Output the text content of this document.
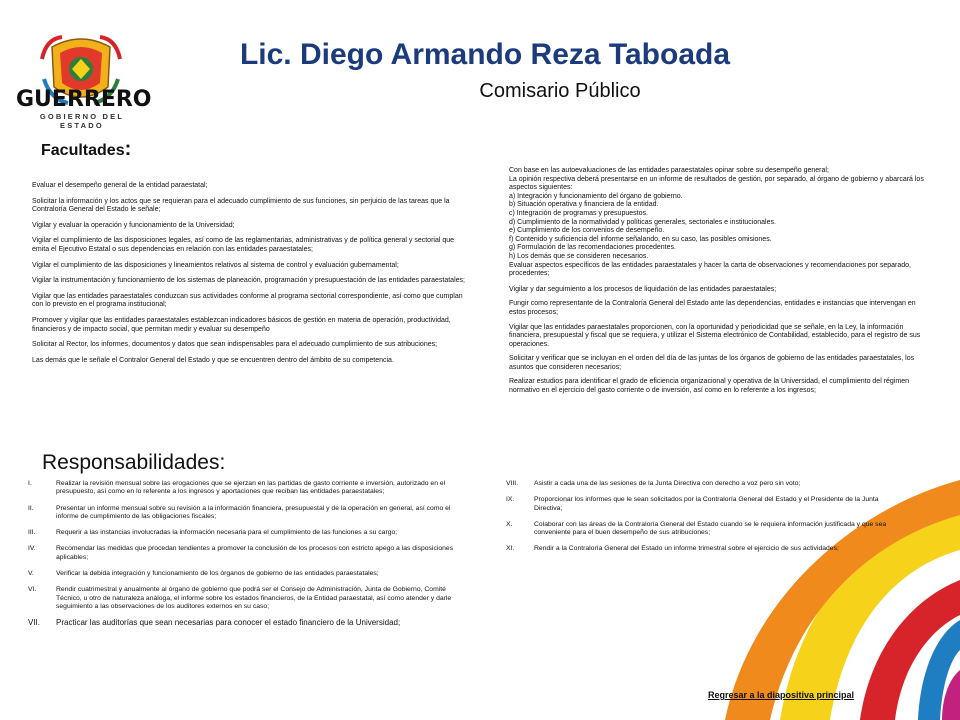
GUERRERO
GOBIERNO DEL ESTADO
Lic. Diego Armando Reza Taboada
Comisario Público
Facultades:

Evaluar el desempeño general de la entidad paraestatal;

Solicitar la información y los actos que se requieran para el adecuado cumplimiento de sus funciones, sin perjuicio de las tareas que la Contraloría General del Estado le señale;

Vigilar y evaluar la operación y funcionamiento de la Universidad;

Vigilar el cumplimiento de las disposiciones legales, así como de las reglamentarias, administrativas y de política general y sectorial que emita el Ejecutivo Estatal o sus dependencias en relación con las entidades paraestatales;

Vigilar el cumplimiento de las disposiciones y lineamientos relativos al sistema de control y evaluación gubernamental;

Vigilar la instrumentación y funcionamiento de los sistemas de planeación, programación y presupuestación de las entidades paraestatales;

Vigilar que las entidades paraestatales conduzcan sus actividades conforme al programa sectorial correspondiente, así como que cumplan con lo previsto en el programa institucional;

Promover y vigilar que las entidades paraestatales establezcan indicadores básicos de gestión en materia de operación, productividad, financieros y de impacto social, que permitan medir y evaluar su desempeño

Solicitar al Rector, los informes, documentos y datos que sean indispensables para el adecuado cumplimiento de sus atribuciones;

Las demás que le señale el Contralor General del Estado y que se encuentren dentro del ámbito de su competencia.

Con base en las autoevaluaciones de las entidades paraestatales opinar sobre su desempeño general;
La opinión respectiva deberá presentarse en un informe de resultados de gestión, por separado, al órgano de gobierno y abarcará los aspectos siguientes:
a) Integración y funcionamiento del órgano de gobierno.
b) Situación operativa y financiera de la entidad.
c) Integración de programas y presupuestos.
d) Cumplimiento de la normatividad y políticas generales, sectoriales e institucionales.
e) Cumplimiento de los convenios de desempeño.
f) Contenido y suficiencia del informe señalando, en su caso, las posibles omisiones.
g) Formulación de las recomendaciones procedentes.
h) Los demás que se consideren necesarios.
Evaluar aspectos específicos de las entidades paraestatales y hacer la carta de observaciones y recomendaciones por separado, procedentes;

Vigilar y dar seguimiento a los procesos de liquidación de las entidades paraestatales;

Fungir como representante de la Contraloría General del Estado ante las dependencias, entidades e instancias que intervengan en estos procesos;

Vigilar que las entidades paraestatales proporcionen, con la oportunidad y periodicidad que se señale, en la Ley, la información financiera, presupuestal y fiscal que se requiera, y utilizar el Sistema electrónico de Contabilidad, establecido, para el registro de sus operaciones.

Solicitar y verificar que se incluyan en el orden del día de las juntas de los órganos de gobierno de las entidades paraestatales, los asuntos que consideren necesarios;

Realizar estudios para identificar el grado de eficiencia organizacional y operativa de la Universidad, el cumplimiento del régimen normativo en el ejercicio del gasto corriente o de inversión, así como en lo referente a los ingresos;

Responsabilidades:
I.	Realizar la revisión mensual sobre las erogaciones que se ejerzan en las partidas de gasto corriente e inversión, autorizado en el presupuesto, así como en lo referente a los ingresos y aportaciones que reciban las entidades paraestatales;
II.	Presentar un informe mensual sobre su revisión a la información financiera, presupuestal y de la operación en general, así como el informe de cumplimiento de las obligaciones fiscales;
III.	Requerir a las instancias involucradas la información necesaria para el cumplimiento de las funciones a su cargo;
IV.	Recomendar las medidas que procedan tendientes a promover la conclusión de los procesos con estricto apego a las disposiciones aplicables;
V.	Verificar la debida integración y funcionamiento de los órganos de gobierno de las entidades paraestatales;
VI.	Rendir cuatrimestral y anualmente al órgano de gobierno que podrá ser el Consejo de Administración, Junta de Gobierno, Comité Técnico, u otro de naturaleza análoga, el informe sobre los estados financieros, de la Entidad paraestatal, así como atender y darle seguimiento a las observaciones de los auditores externos en su caso;
VII.	Practicar las auditorías que sean necesarias para conocer el estado financiero de la Universidad;
VIII.	Asistir a cada una de las sesiones de la Junta Directiva con derecho a voz pero sin voto;
IX.	Proporcionar los informes que le sean solicitados por la Contraloría General del Estado y el Presidente de la Junta Directiva;
X.	Colaborar con las áreas de la Contraloría General del Estado cuando se le requiera información justificada y que sea conveniente para el buen desempeño de sus atribuciones;
XI.	Rendir a la Contraloría General del Estado un informe trimestral sobre el ejercicio de sus actividades;
Regresar a la diapositiva principal
